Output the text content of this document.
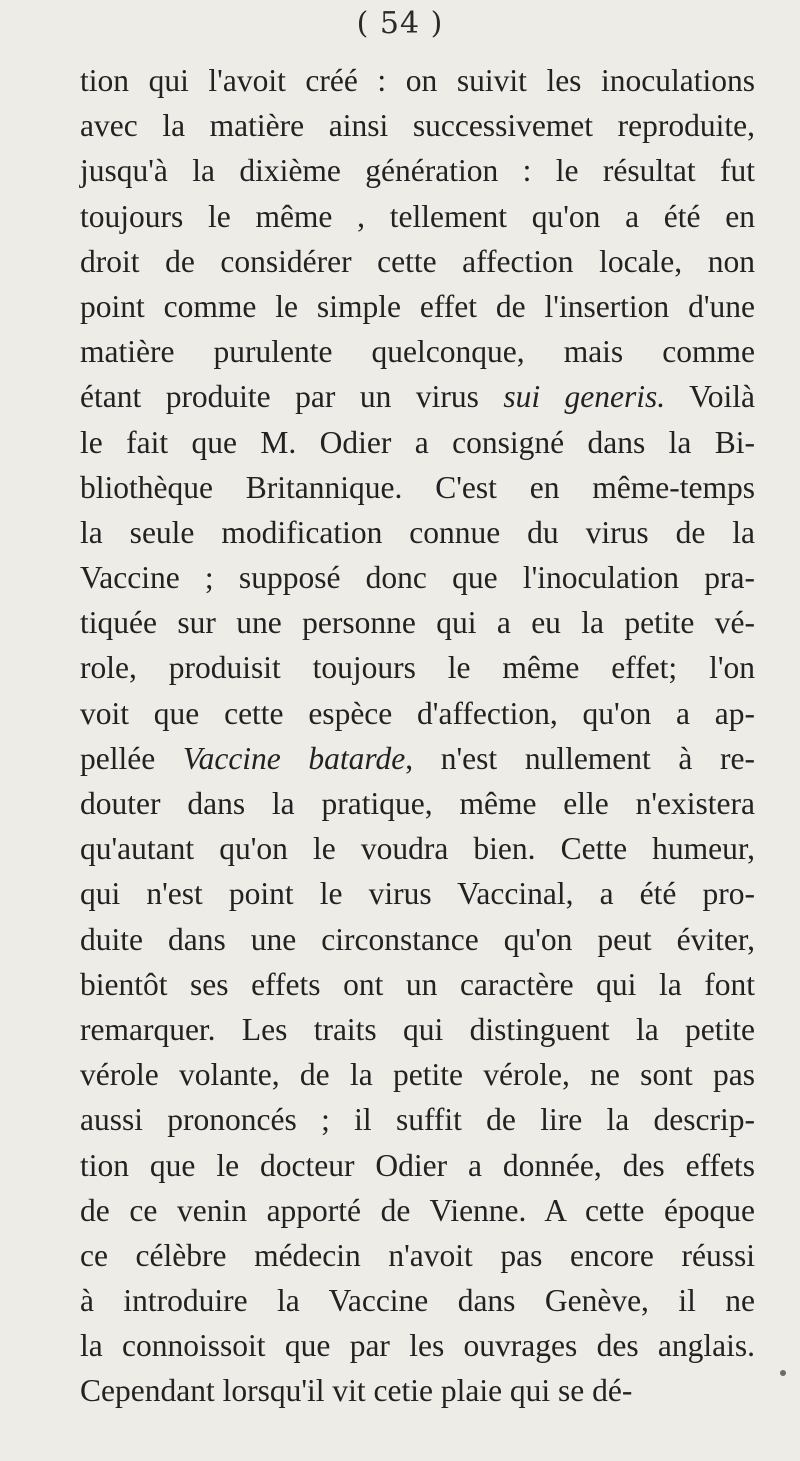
( 54 )
tion qui l'avoit créé : on suivit les inoculations
avec la matière ainsi successivemet reproduite,
jusqu'à la dixième génération : le résultat fut
toujours le même , tellement qu'on a été en
droit de considérer cette affection locale, non
point comme le simple effet de l'insertion d'une
matière purulente quelconque, mais comme
étant produite par un virus sui generis. Voilà
le fait que M. Odier a consigné dans la Bi-
bliothèque Britannique. C'est en même-temps
la seule modification connue du virus de la
Vaccine ; supposé donc que l'inoculation pra-
tiquée sur une personne qui a eu la petite vé-
role, produisit toujours le même effet; l'on
voit que cette espèce d'affection, qu'on a ap-
pellée Vaccine batarde, n'est nullement à re-
douter dans la pratique, même elle n'existera
qu'autant qu'on le voudra bien. Cette humeur,
qui n'est point le virus Vaccinal, a été pro-
duite dans une circonstance qu'on peut éviter,
bientôt ses effets ont un caractère qui la font
remarquer. Les traits qui distinguent la petite
vérole volante, de la petite vérole, ne sont pas
aussi prononcés ; il suffit de lire la descrip-
tion que le docteur Odier a donnée, des effets
de ce venin apporté de Vienne. A cette époque
ce célèbre médecin n'avoit pas encore réussi
à introduire la Vaccine dans Genève, il ne
la connoissoit que par les ouvrages des anglais.
Cependant lorsqu'il vit cetie plaie qui se dé-
